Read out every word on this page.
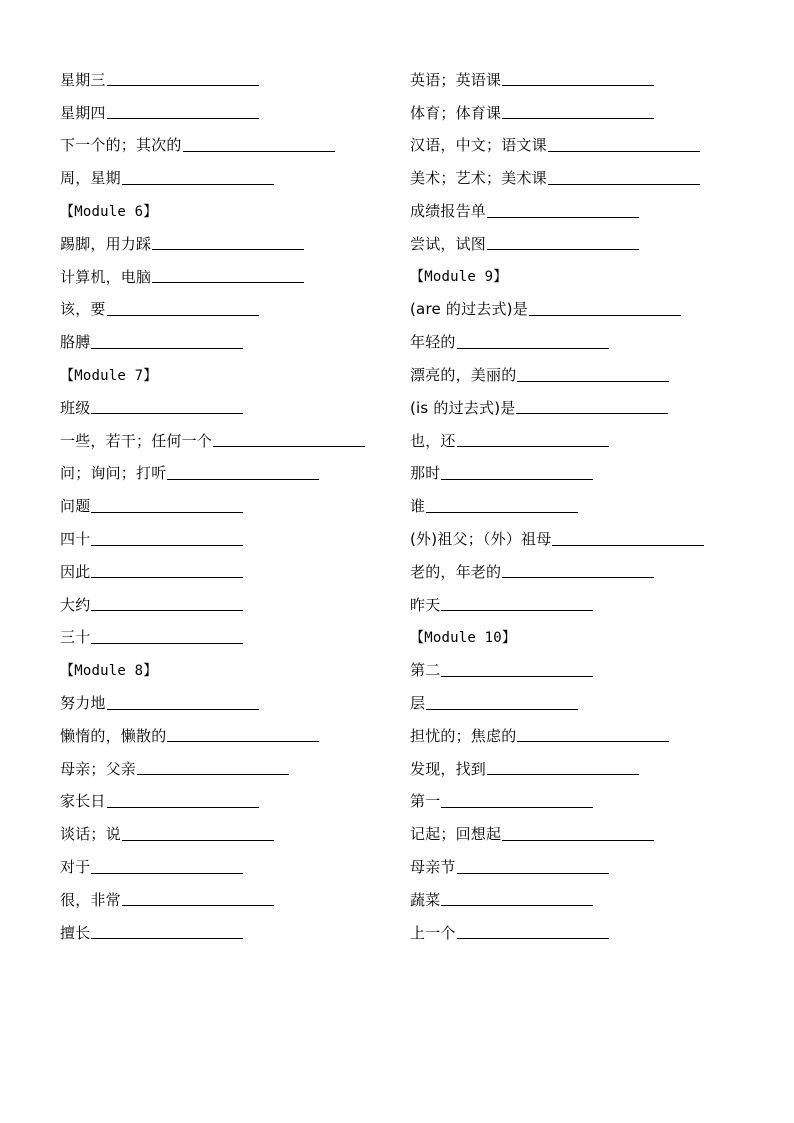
星期三
星期四
下一个的；其次的
周，星期
【Module 6】
踢脚，用力踩
计算机，电脑
该，要
胳膊
【Module 7】
班级
一些，若干；任何一个
问；询问；打听
问题
四十
因此
大约
三十
【Module 8】
努力地
懒惰的，懒散的
母亲；父亲
家长日
谈话；说
对于
很，非常
擅长
英语；英语课
体育；体育课
汉语，中文；语文课
美术；艺术；美术课
成绩报告单
尝试，试图
【Module 9】
(are 的过去式)是
年轻的
漂亮的，美丽的
(is 的过去式)是
也，还
那时
谁
(外)祖父；（外）祖母
老的，年老的
昨天
【Module 10】
第二
层
担忧的；焦虑的
发现，找到
第一
记起；回想起
母亲节
蔬菜
上一个
